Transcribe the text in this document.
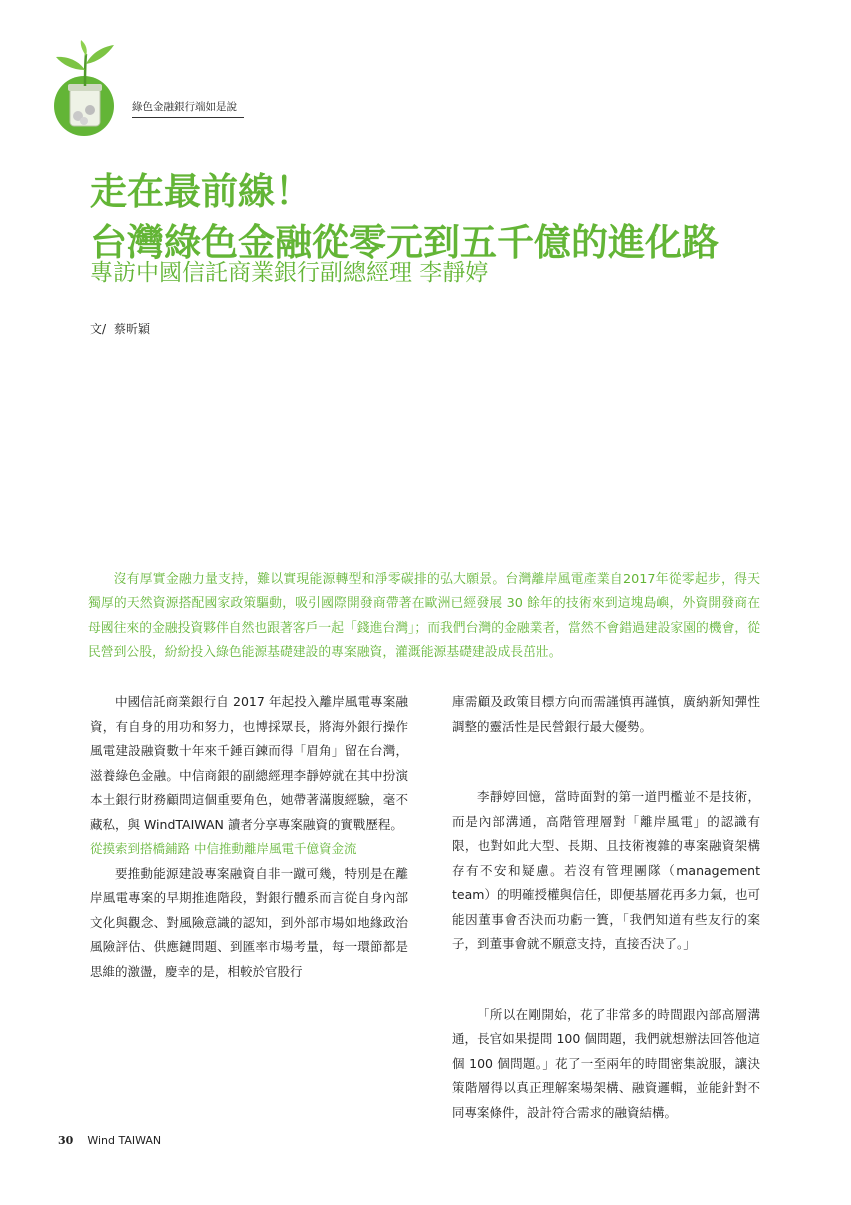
綠色金融銀行端如是說
走在最前線！
台灣綠色金融從零元到五千億的進化路
專訪中國信託商業銀行副總經理 李靜婷
文/ 蔡昕穎

沒有厚實金融力量支持，難以實現能源轉型和淨零碳排的弘大願景。台灣離岸風電產業自2017年從零起步，得天獨厚的天然資源搭配國家政策驅動，吸引國際開發商帶著在歐洲已經發展 30 餘年的技術來到這塊島嶼，外資開發商在母國往來的金融投資夥伴自然也跟著客戶一起「錢進台灣」；而我們台灣的金融業者，當然不會錯過建設家園的機會，從民營到公股，紛紛投入綠色能源基礎建設的專案融資，灌溉能源基礎建設成長茁壯。

中國信託商業銀行自 2017 年起投入離岸風電專案融資，有自身的用功和努力，也博採眾長，將海外銀行操作風電建設融資數十年來千錘百鍊而得「眉角」留在台灣，滋養綠色金融。中信商銀的副總經理李靜婷就在其中扮演本土銀行財務顧問這個重要角色，她帶著滿腹經驗，毫不藏私，與 WindTAIWAN 讀者分享專案融資的實戰歷程。

從摸索到搭橋鋪路 中信推動離岸風電千億資金流

要推動能源建設專案融資自非一蹴可幾，特別是在離岸風電專案的早期推進階段，對銀行體系而言從自身內部文化與觀念、對風險意識的認知，到外部市場如地緣政治風險評估、供應鏈問題、到匯率市場考量，每一環節都是思維的激盪，慶幸的是，相較於官股行

庫需顧及政策目標方向而需謹慎再謹慎，廣納新知彈性調整的靈活性是民營銀行最大優勢。

李靜婷回憶，當時面對的第一道門檻並不是技術，而是內部溝通，高階管理層對「離岸風電」的認識有限，也對如此大型、長期、且技術複雜的專案融資架構存有不安和疑慮。若沒有管理團隊（management team）的明確授權與信任，即便基層花再多力氣，也可能因董事會否決而功虧一簣，「我們知道有些友行的案子，到董事會就不願意支持，直接否決了。」

「所以在剛開始，花了非常多的時間跟內部高層溝通，長官如果提問 100 個問題，我們就想辦法回答他這個 100 個問題。」花了一至兩年的時間密集說服，讓決策階層得以真正理解案場架構、融資邏輯，並能針對不同專案條件，設計符合需求的融資結構。

30 Wind TAIWAN
